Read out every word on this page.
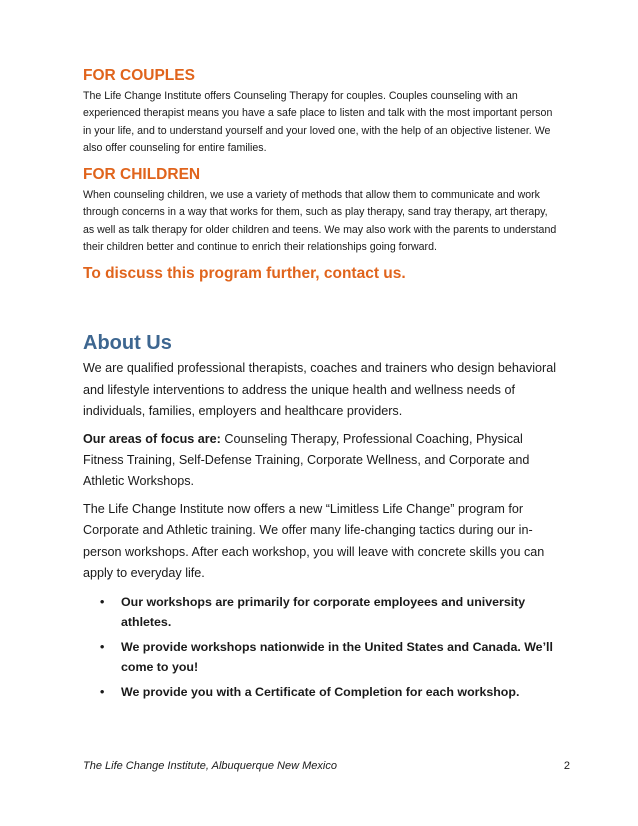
FOR COUPLES

The Life Change Institute offers Counseling Therapy for couples. Couples counseling with an experienced therapist means you have a safe place to listen and talk with the most important person in your life, and to understand yourself and your loved one, with the help of an objective listener. We also offer counseling for entire families.

FOR CHILDREN

When counseling children, we use a variety of methods that allow them to communicate and work through concerns in a way that works for them, such as play therapy, sand tray therapy, art therapy, as well as talk therapy for older children and teens. We may also work with the parents to understand their children better and continue to enrich their relationships going forward.

To discuss this program further, contact us.
About Us

We are qualified professional therapists, coaches and trainers who design behavioral and lifestyle interventions to address the unique health and wellness needs of individuals, families, employers and healthcare providers.

Our areas of focus are: Counseling Therapy, Professional Coaching, Physical Fitness Training, Self-Defense Training, Corporate Wellness, and Corporate and Athletic Workshops.

The Life Change Institute now offers a new “Limitless Life Change” program for Corporate and Athletic training. We offer many life-changing tactics during our in-person workshops. After each workshop, you will leave with concrete skills you can apply to everyday life.

• Our workshops are primarily for corporate employees and university athletes.
• We provide workshops nationwide in the United States and Canada. We’ll come to you!
• We provide you with a Certificate of Completion for each workshop.
The Life Change Institute, Albuquerque New Mexico	2
